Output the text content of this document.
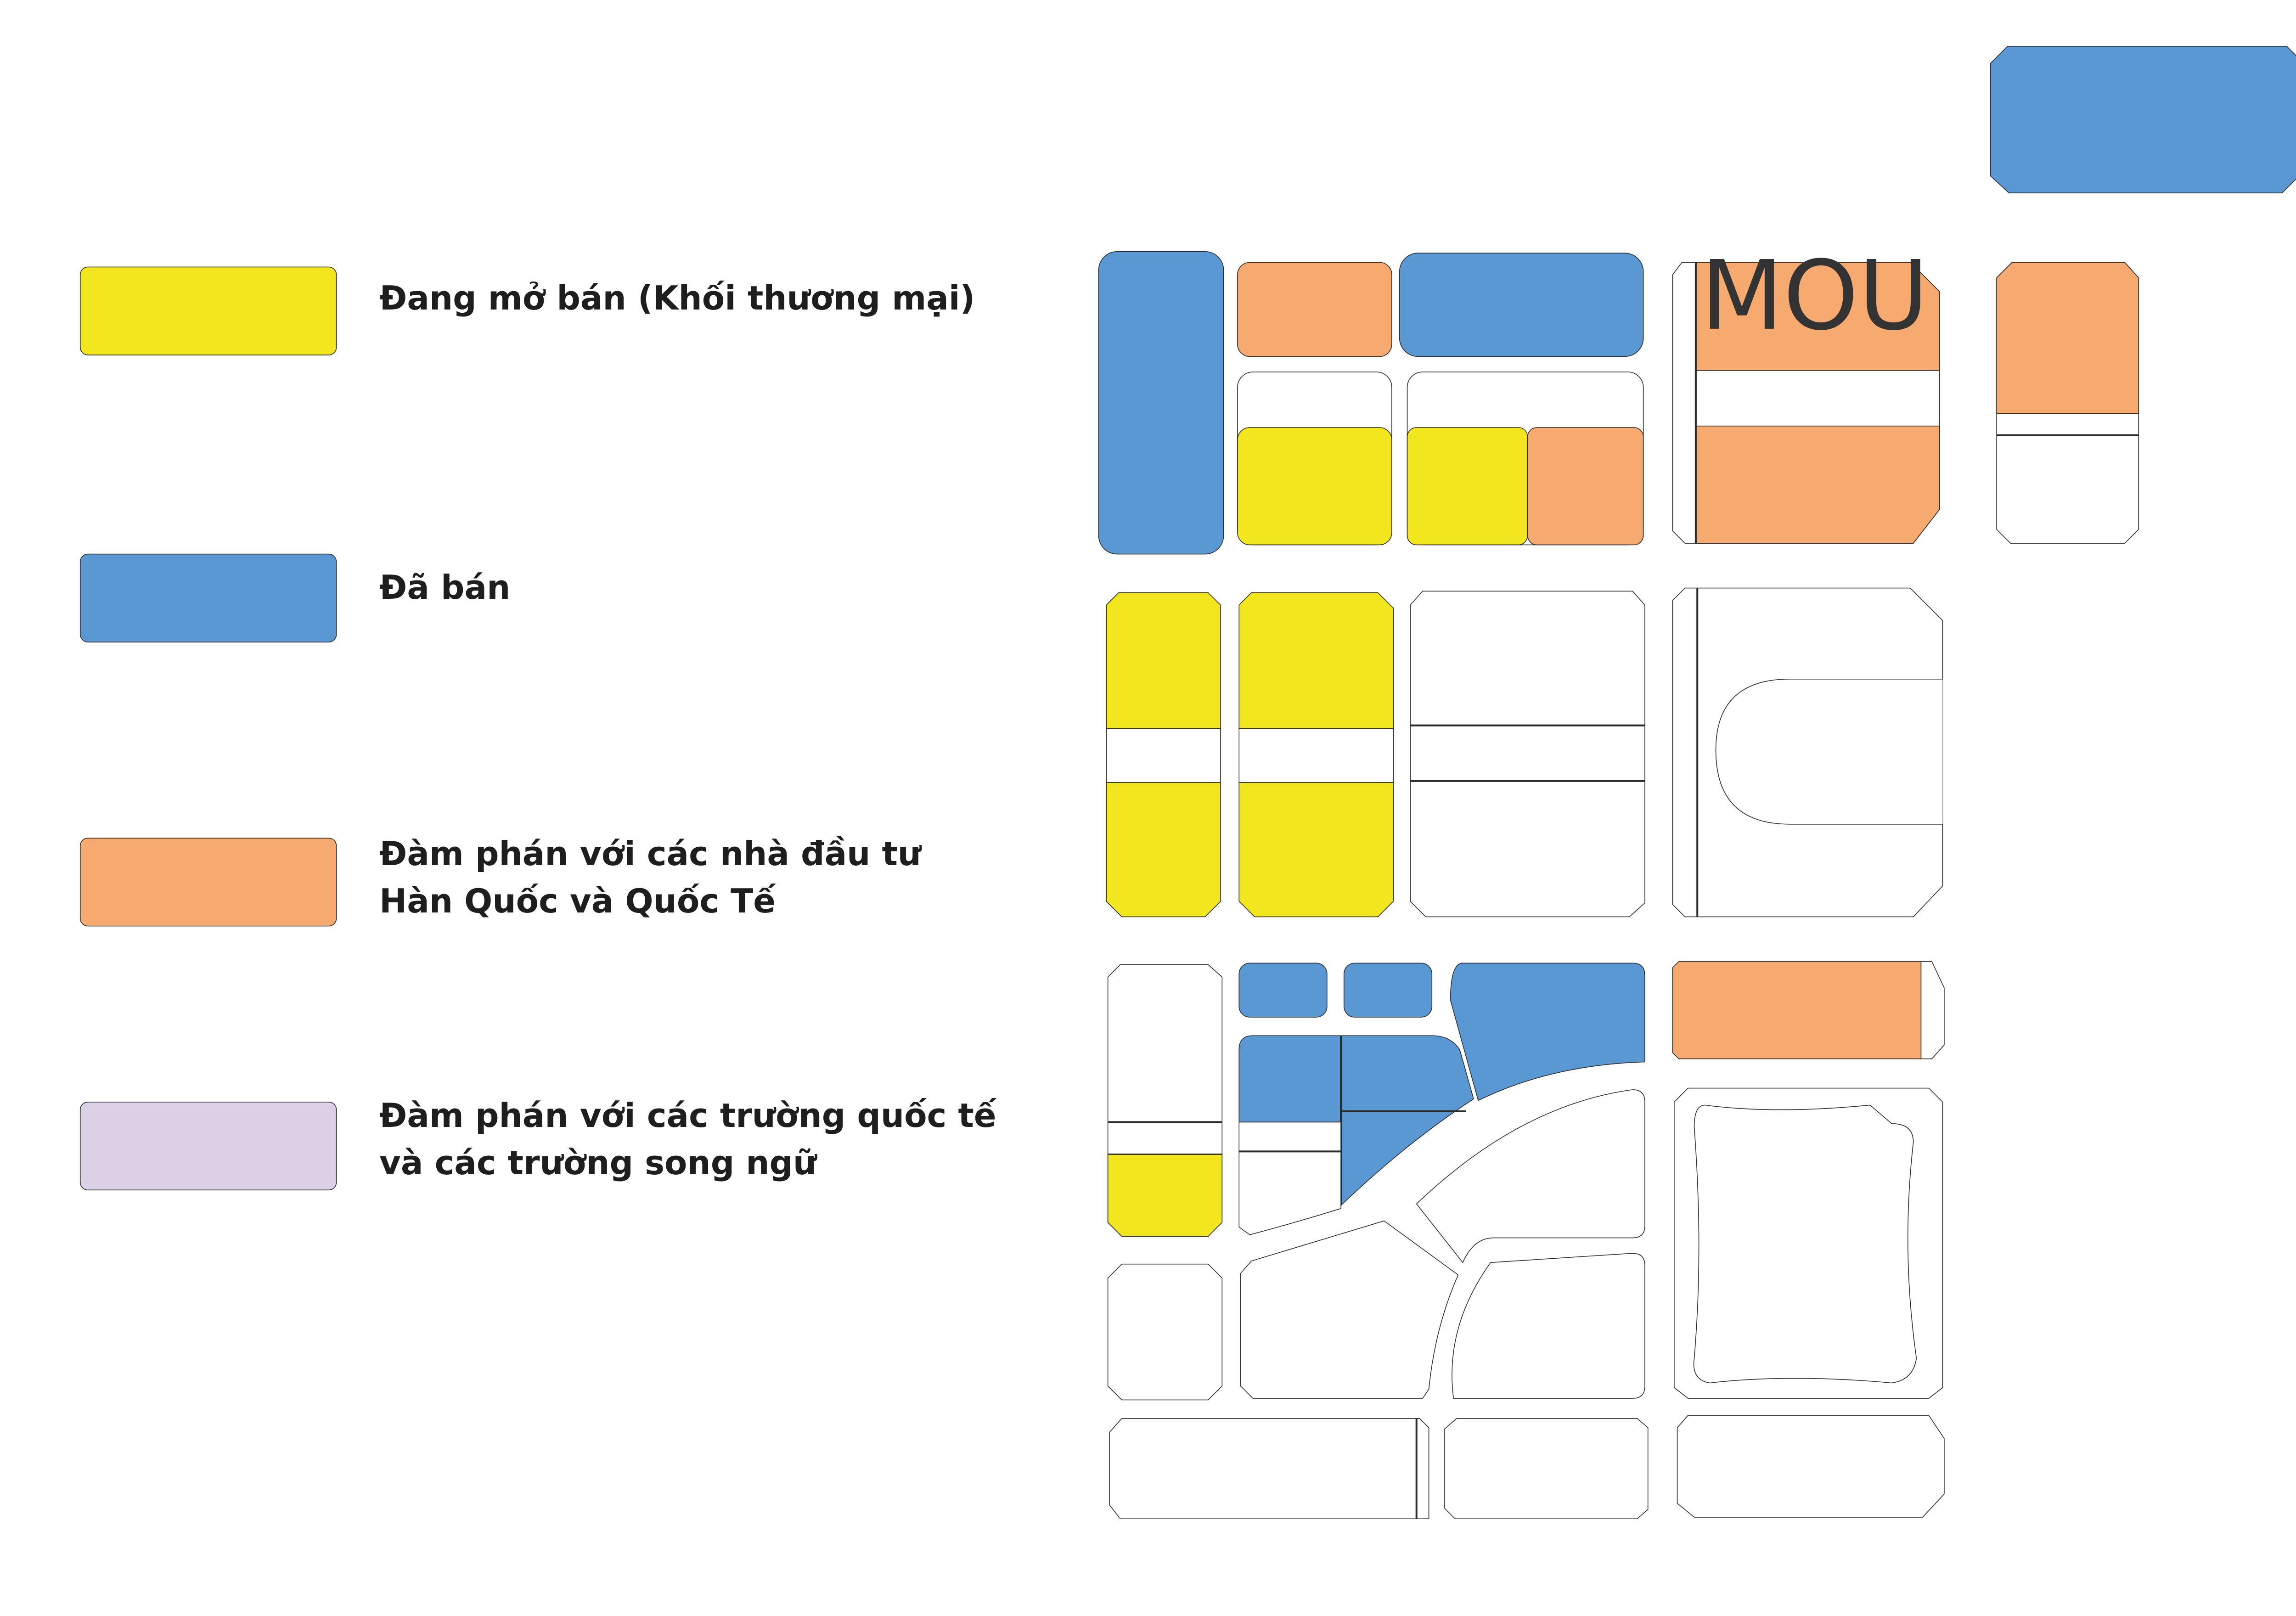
Đang mở bán (Khối thương mại)
Đã bán
Đàm phán với các nhà đầu tư
Hàn Quốc và Quốc Tế
Đàm phán với các trường quốc tế
và các trường song ngữ
MOU
